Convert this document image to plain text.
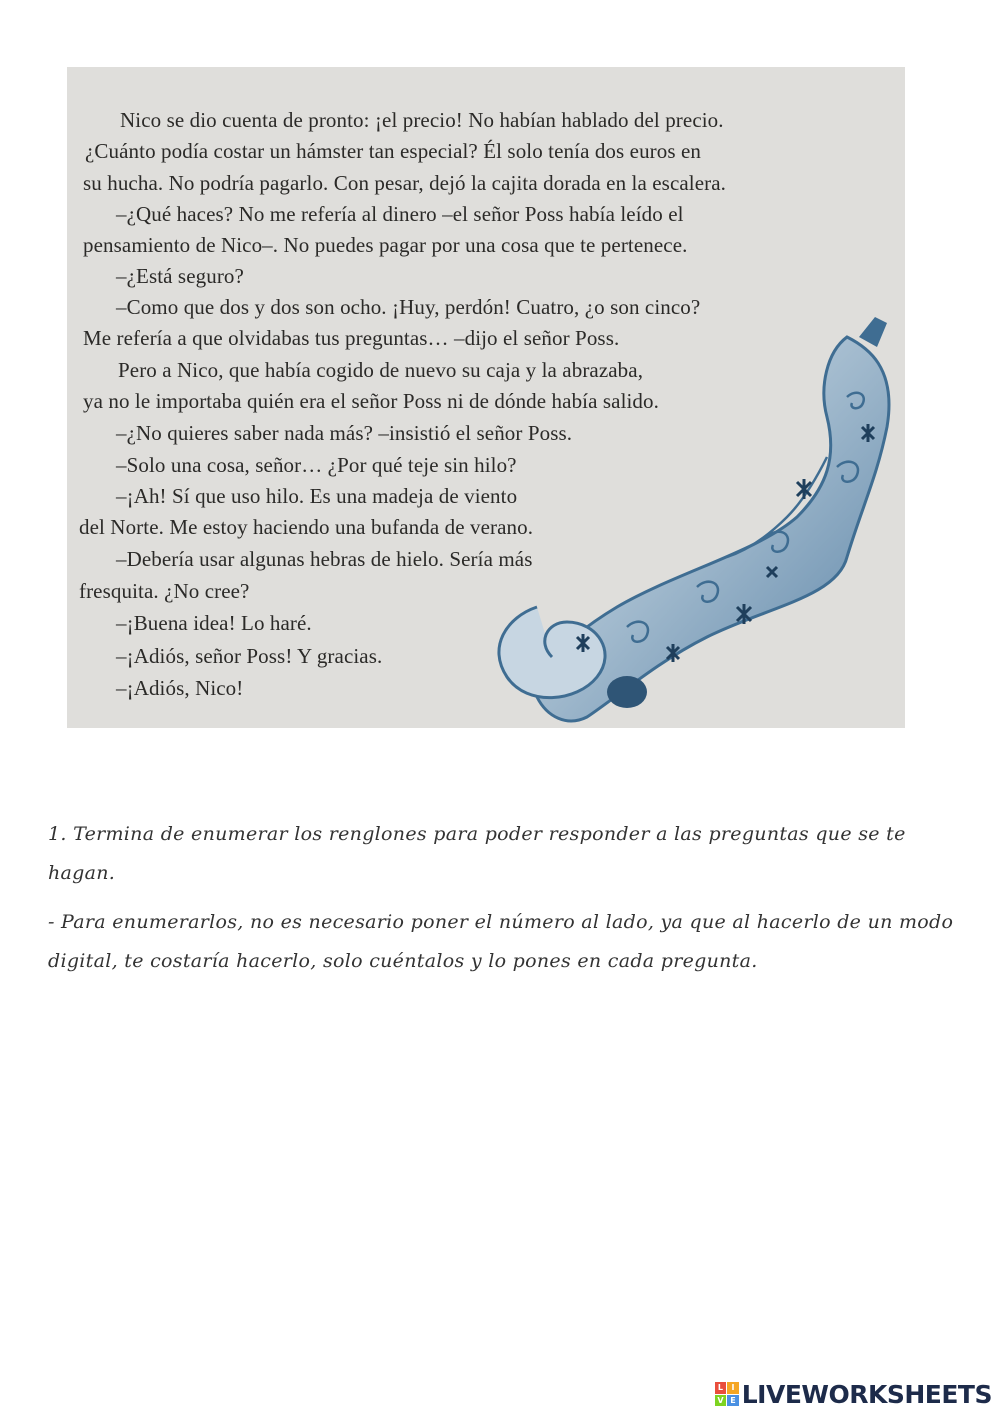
Nico se dio cuenta de pronto: ¡el precio! No habían hablado del precio.
¿Cuánto podía costar un hámster tan especial? Él solo tenía dos euros en
su hucha. No podría pagarlo. Con pesar, dejó la cajita dorada en la escalera.
–¿Qué haces? No me refería al dinero –el señor Poss había leído el
pensamiento de Nico–. No puedes pagar por una cosa que te pertenece.
–¿Está seguro?
–Como que dos y dos son ocho. ¡Huy, perdón! Cuatro, ¿o son cinco?
Me refería a que olvidabas tus preguntas… –dijo el señor Poss.
Pero a Nico, que había cogido de nuevo su caja y la abrazaba,
ya no le importaba quién era el señor Poss ni de dónde había salido.
–¿No quieres saber nada más? –insistió el señor Poss.
–Solo una cosa, señor… ¿Por qué teje sin hilo?
–¡Ah! Sí que uso hilo. Es una madeja de viento
del Norte. Me estoy haciendo una bufanda de verano.
–Debería usar algunas hebras de hielo. Sería más
fresquita. ¿No cree?
–¡Buena idea! Lo haré.
–¡Adiós, señor Poss! Y gracias.
–¡Adiós, Nico!
1. Termina de enumerar los renglones para poder responder a las preguntas que se te hagan.
- Para enumerarlos, no es necesario poner el número al lado, ya que al hacerlo de un modo digital, te costaría hacerlo, solo cuéntalos y lo pones en cada pregunta.
L	I
V E LIVEWORKSHEETS
